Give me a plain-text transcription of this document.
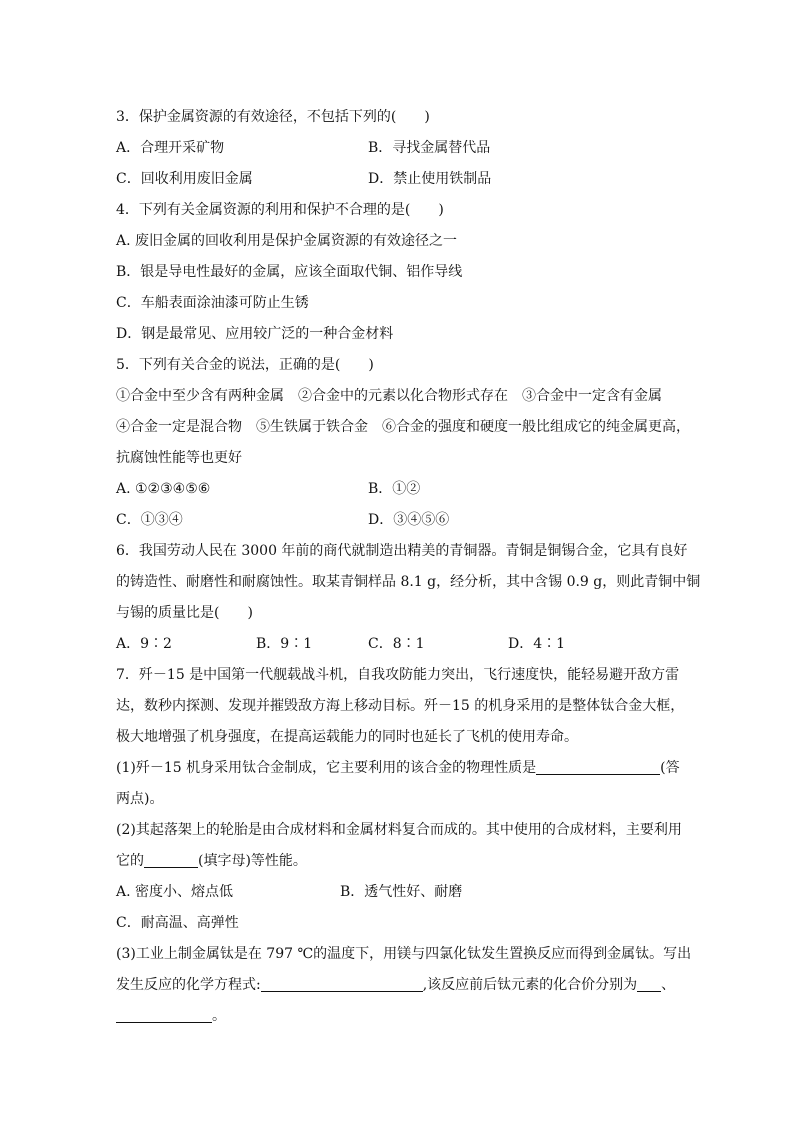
3．保护金属资源的有效途径，不包括下列的(　　)
A．合理开采矿物	B．寻找金属替代品
C．回收利用废旧金属	D．禁止使用铁制品
4．下列有关金属资源的利用和保护不合理的是(　　)
A. 废旧金属的回收利用是保护金属资源的有效途径之一
B．银是导电性最好的金属，应该全面取代铜、铝作导线
C．车船表面涂油漆可防止生锈
D．钢是最常见、应用较广泛的一种合金材料
5．下列有关合金的说法，正确的是(　　)
①合金中至少含有两种金属　②合金中的元素以化合物形式存在　③合金中一定含有金属
④合金一定是混合物　⑤生铁属于铁合金　⑥合金的强度和硬度一般比组成它的纯金属更高，
抗腐蚀性能等也更好
A. ①②③④⑤⑥	B．①②
C．①③④	D．③④⑤⑥
6．我国劳动人民在 3000 年前的商代就制造出精美的青铜器。青铜是铜锡合金，它具有良好
的铸造性、耐磨性和耐腐蚀性。取某青铜样品 8.1 g，经分析，其中含锡 0.9 g，则此青铜中铜
与锡的质量比是(　　)
A．9∶2	B．9∶1	C．8∶1	D．4∶1
7．歼－15 是中国第一代舰载战斗机，自我攻防能力突出，飞行速度快，能轻易避开敌方雷
达，数秒内探测、发现并摧毁敌方海上移动目标。歼－15 的机身采用的是整体钛合金大框，
极大地增强了机身强度，在提高运载能力的同时也延长了飞机的使用寿命。
(1)歼－15 机身采用钛合金制成，它主要利用的该合金的物理性质是	(答
两点)。
(2)其起落架上的轮胎是由合成材料和金属材料复合而成的。其中使用的合成材料，主要利用
它的	(填字母)等性能。
A. 密度小、熔点低	B．透气性好、耐磨
C．耐高温、高弹性
(3)工业上制金属钛是在 797 ℃的温度下，用镁与四氯化钛发生置换反应而得到金属钛。写出
发生反应的化学方程式:	,该反应前后钛元素的化合价分别为 、
。
